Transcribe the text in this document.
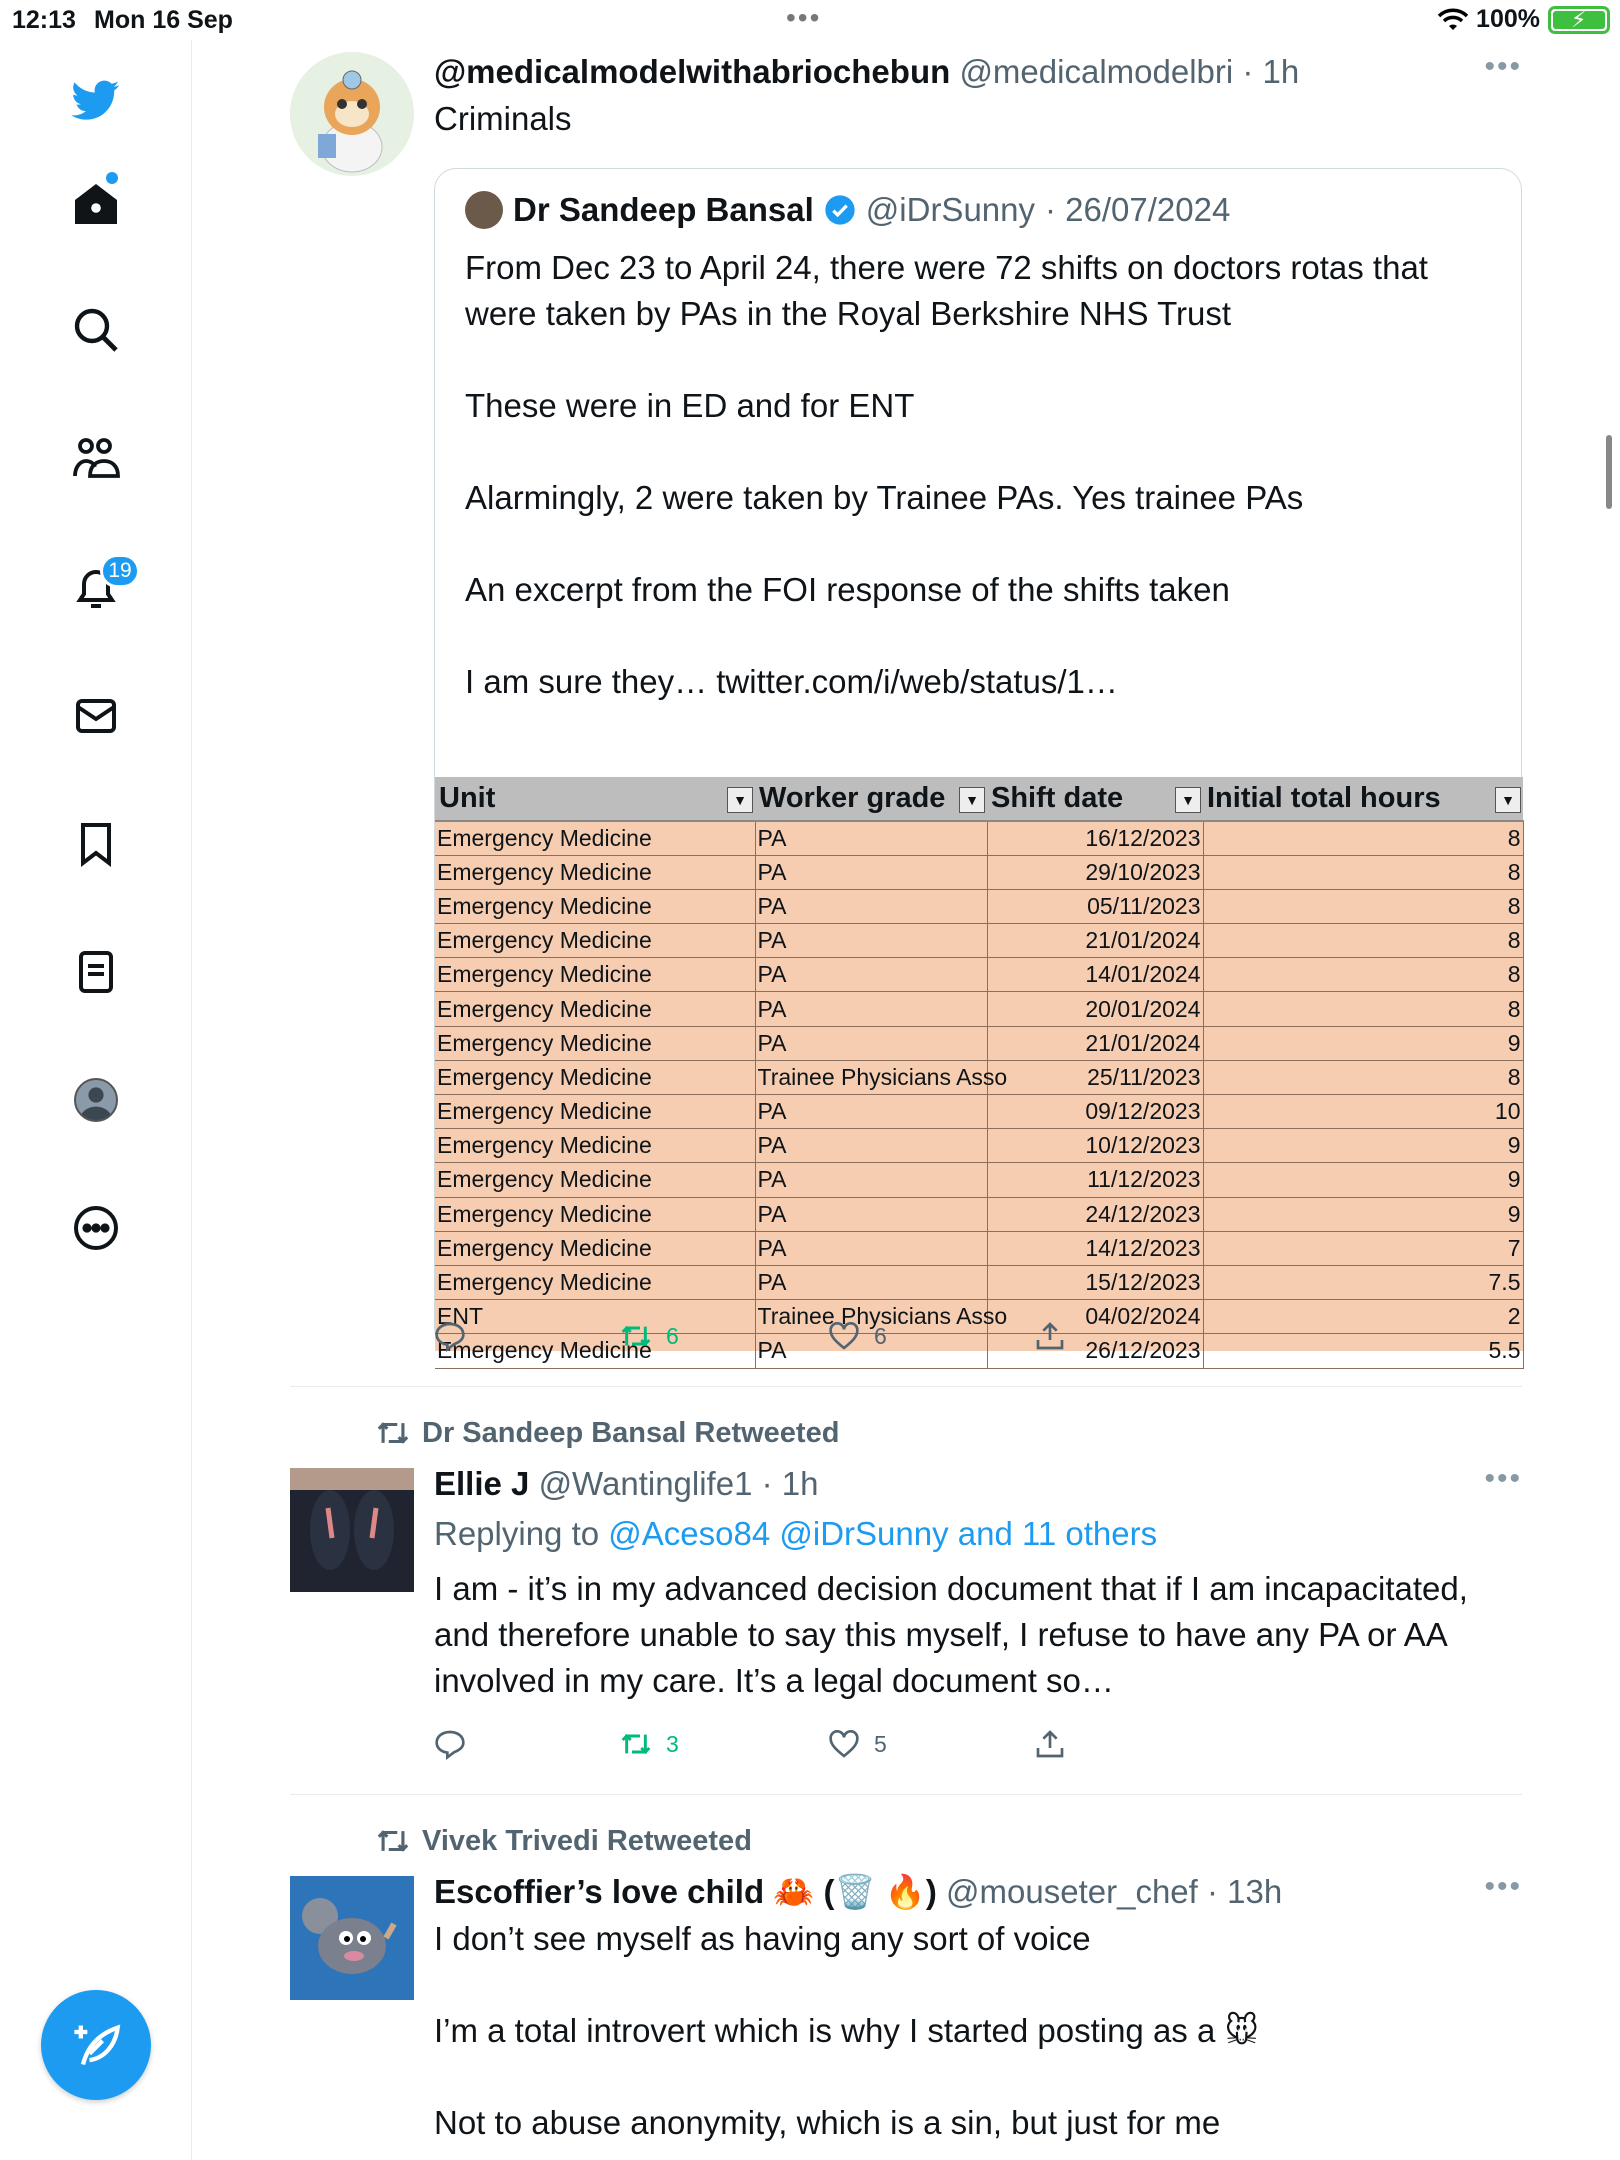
12:13 Mon 16 Sep	•••	100% ⚡
19
@medicalmodelwithabriochebun @medicalmodelbri · 1h	•••
Criminals
Dr Sandeep Bansal @iDrSunny · 26/07/2024
From Dec 23 to April 24, there were 72 shifts on doctors rotas that were taken by PAs in the Royal Berkshire NHS Trust

These were in ED and for ENT

Alarmingly, 2 were taken by Trainee PAs. Yes trainee PAs

An excerpt from the FOI response of the shifts taken

I am sure they… twitter.com/i/web/status/1…
Unit ▼	Worker grade ▼	Shift date ▼	Initial total hours ▼

Emergency Medicine	PA	16/12/2023	8
Emergency Medicine	PA	29/10/2023	8
Emergency Medicine	PA	05/11/2023	8
Emergency Medicine	PA	21/01/2024	8
Emergency Medicine	PA	14/01/2024	8
Emergency Medicine	PA	20/01/2024	8
Emergency Medicine	PA	21/01/2024	9
Emergency Medicine	Trainee Physicians Asso	25/11/2023	8
Emergency Medicine	PA	09/12/2023	10
Emergency Medicine	PA	10/12/2023	9
Emergency Medicine	PA	11/12/2023	9
Emergency Medicine	PA	24/12/2023	9
Emergency Medicine	PA	14/12/2023	7
Emergency Medicine	PA	15/12/2023	7.5
ENT	Trainee Physicians Asso	04/02/2024	2
Emergency Medicine	PA	26/12/2023	5.5
6	6
Dr Sandeep Bansal Retweeted
Ellie J @Wantinglife1 · 1h	•••
Replying to @Aceso84 @iDrSunny and 11 others
I am - it’s in my advanced decision document that if I am incapacitated, and therefore unable to say this myself, I refuse to have any PA or AA involved in my care. It’s a legal document so…
3	5
Vivek Trivedi Retweeted
Escoffier’s love child 🦀 (🗑️ 🔥) @mouseter_chef · 13h	•••
I don’t see myself as having any sort of voice

I’m a total introvert which is why I started posting as a 🐭

Not to abuse anonymity, which is a sin, but just for me
